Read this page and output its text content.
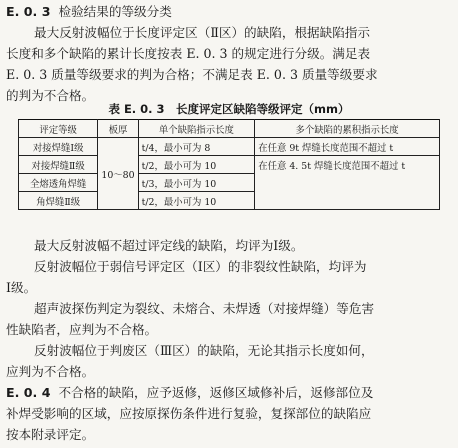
E. 0. 3 检验结果的等级分类

最大反射波幅位于长度评定区（Ⅱ区）的缺陷，根据缺陷指示

长度和多个缺陷的累计长度按表 E. 0. 3 的规定进行分级。满足表

E. 0. 3 质量等级要求的判为合格；不满足表 E. 0. 3 质量等级要求

的判为不合格。

表 E. 0. 3　长度评定区缺陷等级评定（mm）
评定等级	板厚	单个缺陷指示长度	多个缺陷的累积指示长度
对接焊缝Ⅰ级	10～80	t/4，最小可为 8	在任意 9t 焊缝长度范围不超过 t
对接焊缝Ⅱ级		t/2，最小可为 10	在任意 4. 5t 焊缝长度范围不超过 t
全熔透角焊缝		t/3，最小可为 10	
角焊缝Ⅱ级		t/2，最小可为 10	

最大反射波幅不超过评定线的缺陷，均评为Ⅰ级。

反射波幅位于弱信号评定区（Ⅰ区）的非裂纹性缺陷，均评为

Ⅰ级。

超声波探伤判定为裂纹、未熔合、未焊透（对接焊缝）等危害

性缺陷者，应判为不合格。

反射波幅位于判废区（Ⅲ区）的缺陷，无论其指示长度如何，

应判为不合格。

E. 0. 4 不合格的缺陷，应予返修，返修区域修补后，返修部位及

补焊受影响的区域，应按原探伤条件进行复验，复探部位的缺陷应

按本附录评定。
